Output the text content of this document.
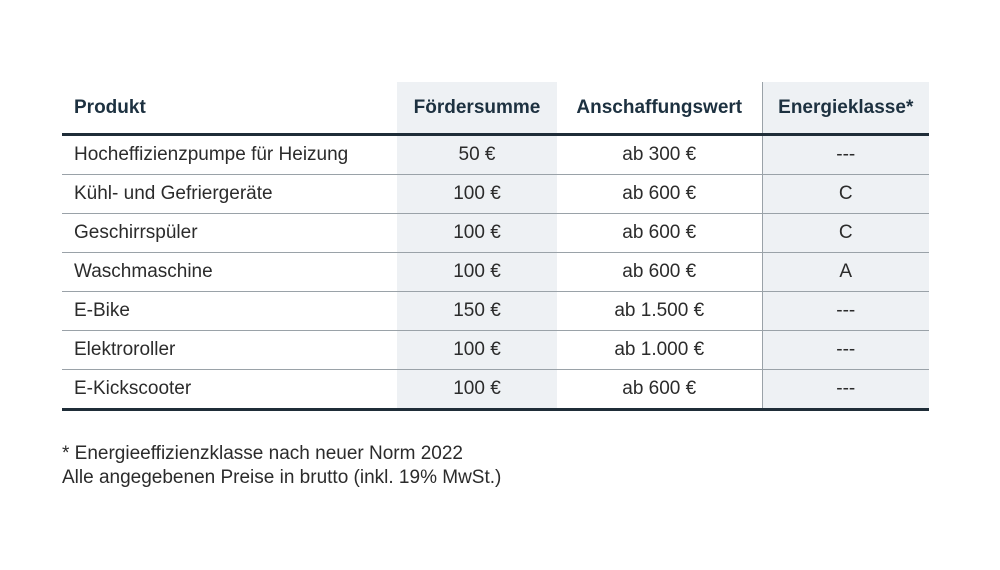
Produkt	Fördersumme	Anschaffungswert	Energieklasse*
Hocheffizienzpumpe für Heizung	50 €	ab 300 €	---
Kühl- und Gefriergeräte	100 €	ab 600 €	C
Geschirrspüler	100 €	ab 600 €	C
Waschmaschine	100 €	ab 600 €	A
E-Bike	150 €	ab 1.500 €	---
Elektroroller	100 €	ab 1.000 €	---
E-Kickscooter	100 €	ab 600 €	---
* Energieeffizienzklasse nach neuer Norm 2022
Alle angegebenen Preise in brutto (inkl. 19% MwSt.)
